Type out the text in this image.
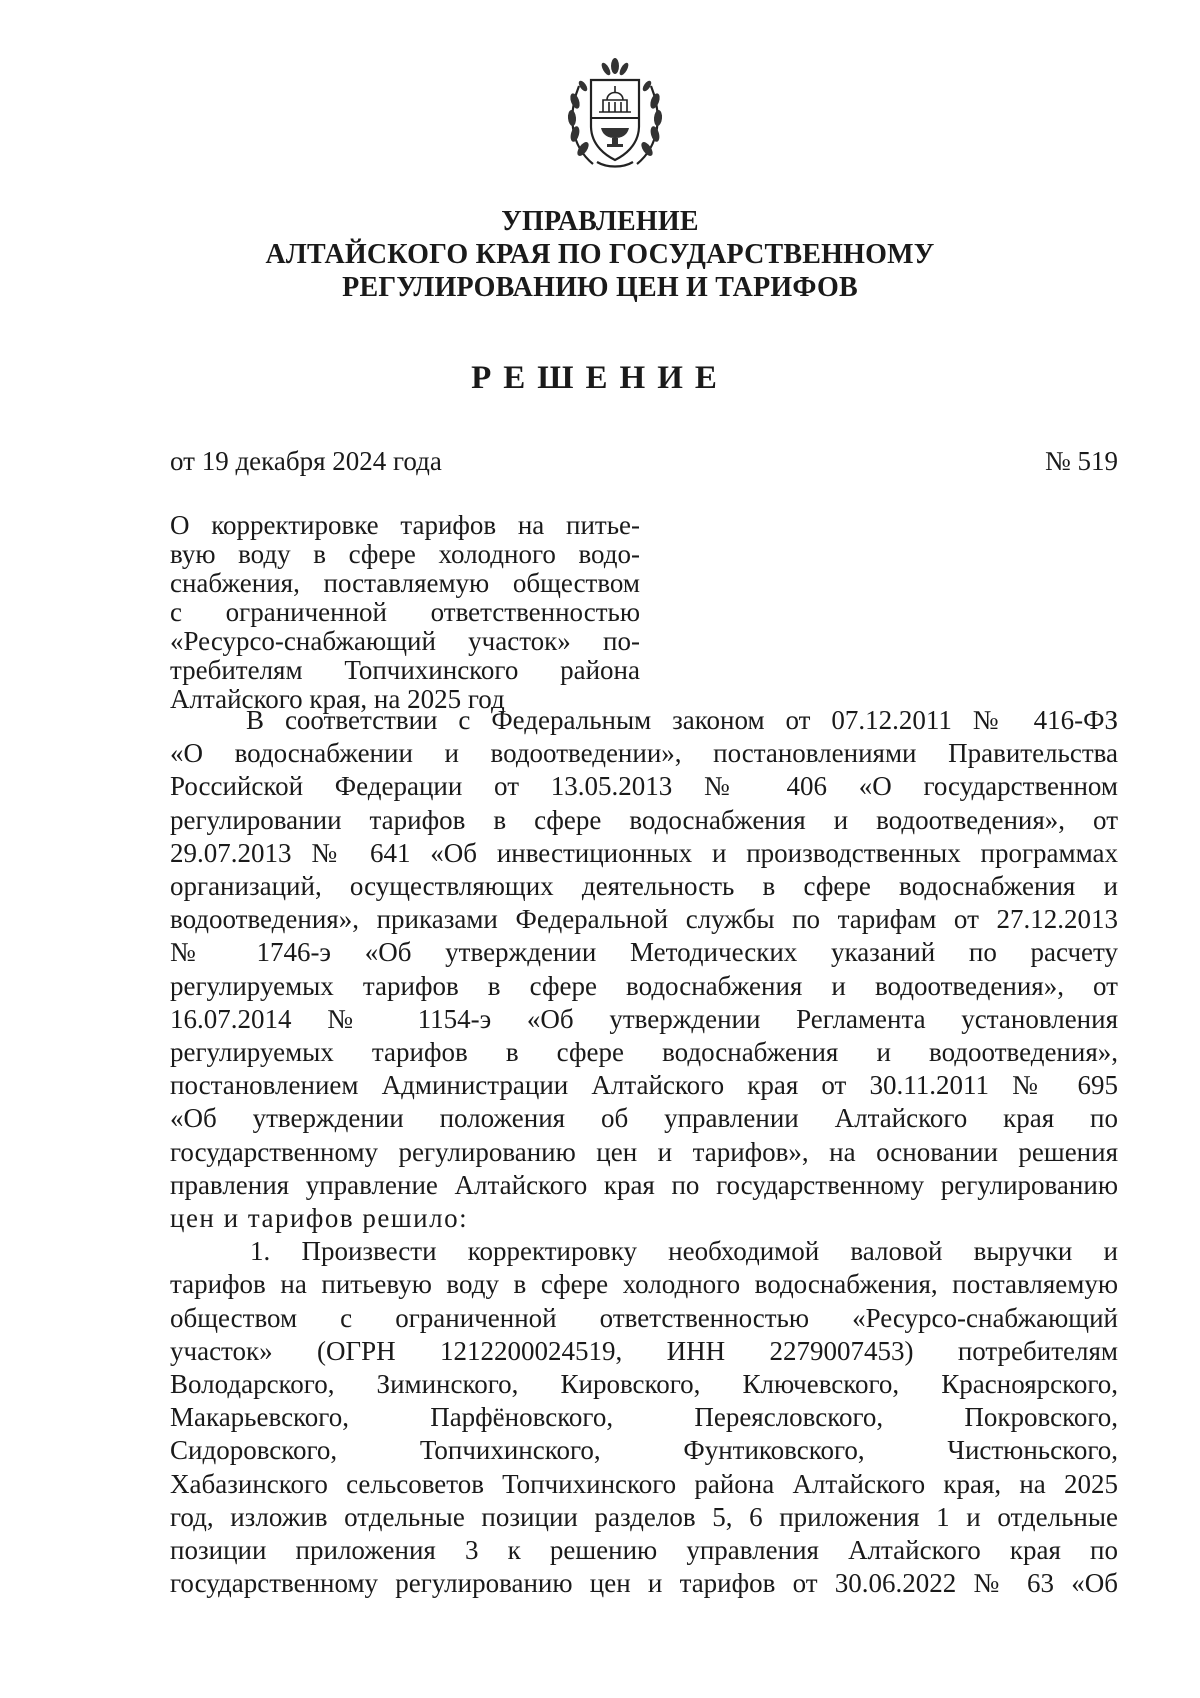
УПРАВЛЕНИЕ
АЛТАЙСКОГО КРАЯ ПО ГОСУДАРСТВЕННОМУ
РЕГУЛИРОВАНИЮ ЦЕН И ТАРИФОВ
РЕШЕНИЕ
от 19 декабря 2024 года	№ 519
О корректировке тарифов на питье-
вую воду в сфере холодного водо-
снабжения, поставляемую обществом
с ограниченной ответственностью
«Ресурсо-снабжающий участок» по-
требителям Топчихинского района
Алтайского края, на 2025 год
В соответствии с Федеральным законом от 07.12.2011 № 416-ФЗ
«О водоснабжении и водоотведении», постановлениями Правительства
Российской Федерации от 13.05.2013 № 406 «О государственном
регулировании тарифов в сфере водоснабжения и водоотведения», от
29.07.2013 № 641 «Об инвестиционных и производственных программах
организаций, осуществляющих деятельность в сфере водоснабжения и
водоотведения», приказами Федеральной службы по тарифам от 27.12.2013
№ 1746-э «Об утверждении Методических указаний по расчету
регулируемых тарифов в сфере водоснабжения и водоотведения», от
16.07.2014 № 1154-э «Об утверждении Регламента установления
регулируемых тарифов в сфере водоснабжения и водоотведения»,
постановлением Администрации Алтайского края от 30.11.2011 № 695
«Об утверждении положения об управлении Алтайского края по
государственному регулированию цен и тарифов», на основании решения
правления управление Алтайского края по государственному регулированию
цен и тарифов решило:
1. Произвести корректировку необходимой валовой выручки и
тарифов на питьевую воду в сфере холодного водоснабжения, поставляемую
обществом с ограниченной ответственностью «Ресурсо-снабжающий
участок» (ОГРН 1212200024519, ИНН 2279007453) потребителям
Володарского, Зиминского, Кировского, Ключевского, Красноярского,
Макарьевского, Парфёновского, Переясловского, Покровского,
Сидоровского, Топчихинского, Фунтиковского, Чистюньского,
Хабазинского сельсоветов Топчихинского района Алтайского края, на 2025
год, изложив отдельные позиции разделов 5, 6 приложения 1 и отдельные
позиции приложения 3 к решению управления Алтайского края по
государственному регулированию цен и тарифов от 30.06.2022 № 63 «Об
